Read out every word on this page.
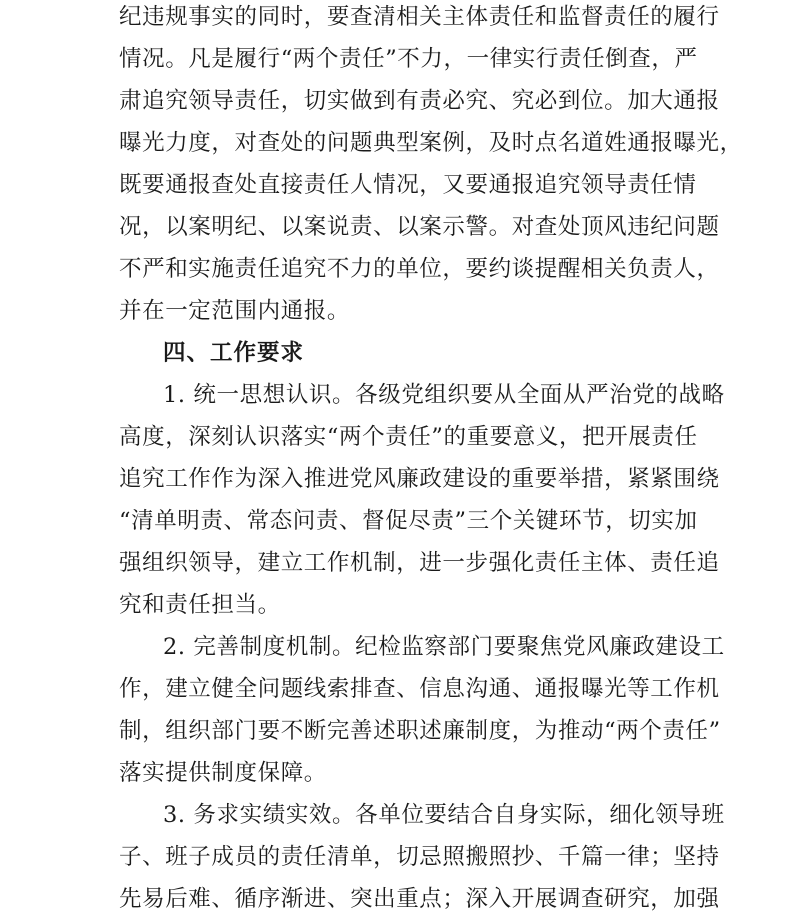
纪违规事实的同时，要查清相关主体责任和监督责任的履行
情况。凡是履行“两个责任”不力，一律实行责任倒查，严
肃追究领导责任，切实做到有责必究、究必到位。加大通报
曝光力度，对查处的问题典型案例，及时点名道姓通报曝光，
既要通报查处直接责任人情况，又要通报追究领导责任情
况，以案明纪、以案说责、以案示警。对查处顶风违纪问题
不严和实施责任追究不力的单位，要约谈提醒相关负责人，
并在一定范围内通报。
四、工作要求
1. 统一思想认识。各级党组织要从全面从严治党的战略
高度，深刻认识落实“两个责任”的重要意义，把开展责任
追究工作作为深入推进党风廉政建设的重要举措，紧紧围绕
“清单明责、常态问责、督促尽责”三个关键环节，切实加
强组织领导，建立工作机制，进一步强化责任主体、责任追
究和责任担当。
2. 完善制度机制。纪检监察部门要聚焦党风廉政建设工
作，建立健全问题线索排查、信息沟通、通报曝光等工作机
制，组织部门要不断完善述职述廉制度，为推动“两个责任”
落实提供制度保障。
3. 务求实绩实效。各单位要结合自身实际，细化领导班
子、班子成员的责任清单，切忌照搬照抄、千篇一律；坚持
先易后难、循序渐进、突出重点；深入开展调查研究，加强
